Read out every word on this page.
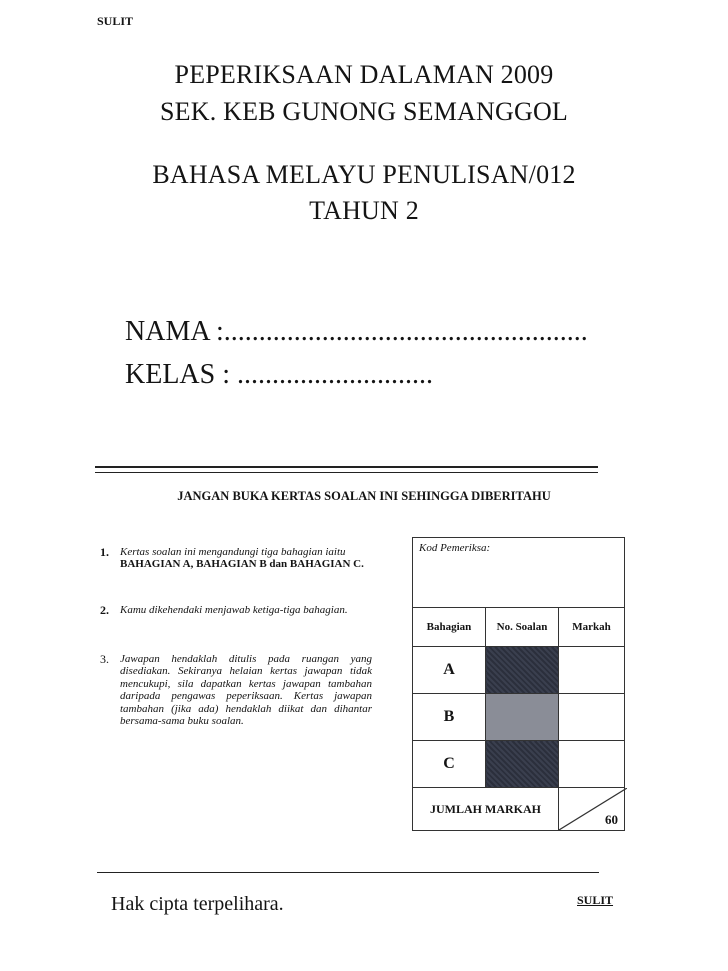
SULIT
PEPERIKSAAN DALAMAN 2009
SEK. KEB GUNONG SEMANGGOL
BAHASA MELAYU PENULISAN/012
TAHUN 2
NAMA :....................................................
KELAS : ............................
JANGAN BUKA KERTAS SOALAN INI SEHINGGA DIBERITAHU
1. Kertas soalan ini mengandungi tiga bahagian iaitu
BAHAGIAN A, BAHAGIAN B dan BAHAGIAN C.
2. Kamu dikehendaki menjawab ketiga-tiga bahagian.
3. Jawapan hendaklah ditulis pada ruangan yang disediakan. Sekiranya helaian kertas jawapan tidak mencukupi, sila dapatkan kertas jawapan tambahan daripada pengawas peperiksaan. Kertas jawapan tambahan (jika ada) hendaklah diikat dan dihantar bersama-sama buku soalan.
Kod Pemeriksa:		
Bahagian	No. Soalan	Markah
A		
B		
C		
JUMLAH MARKAH		60
Hak cipta terpelihara.	SULIT
